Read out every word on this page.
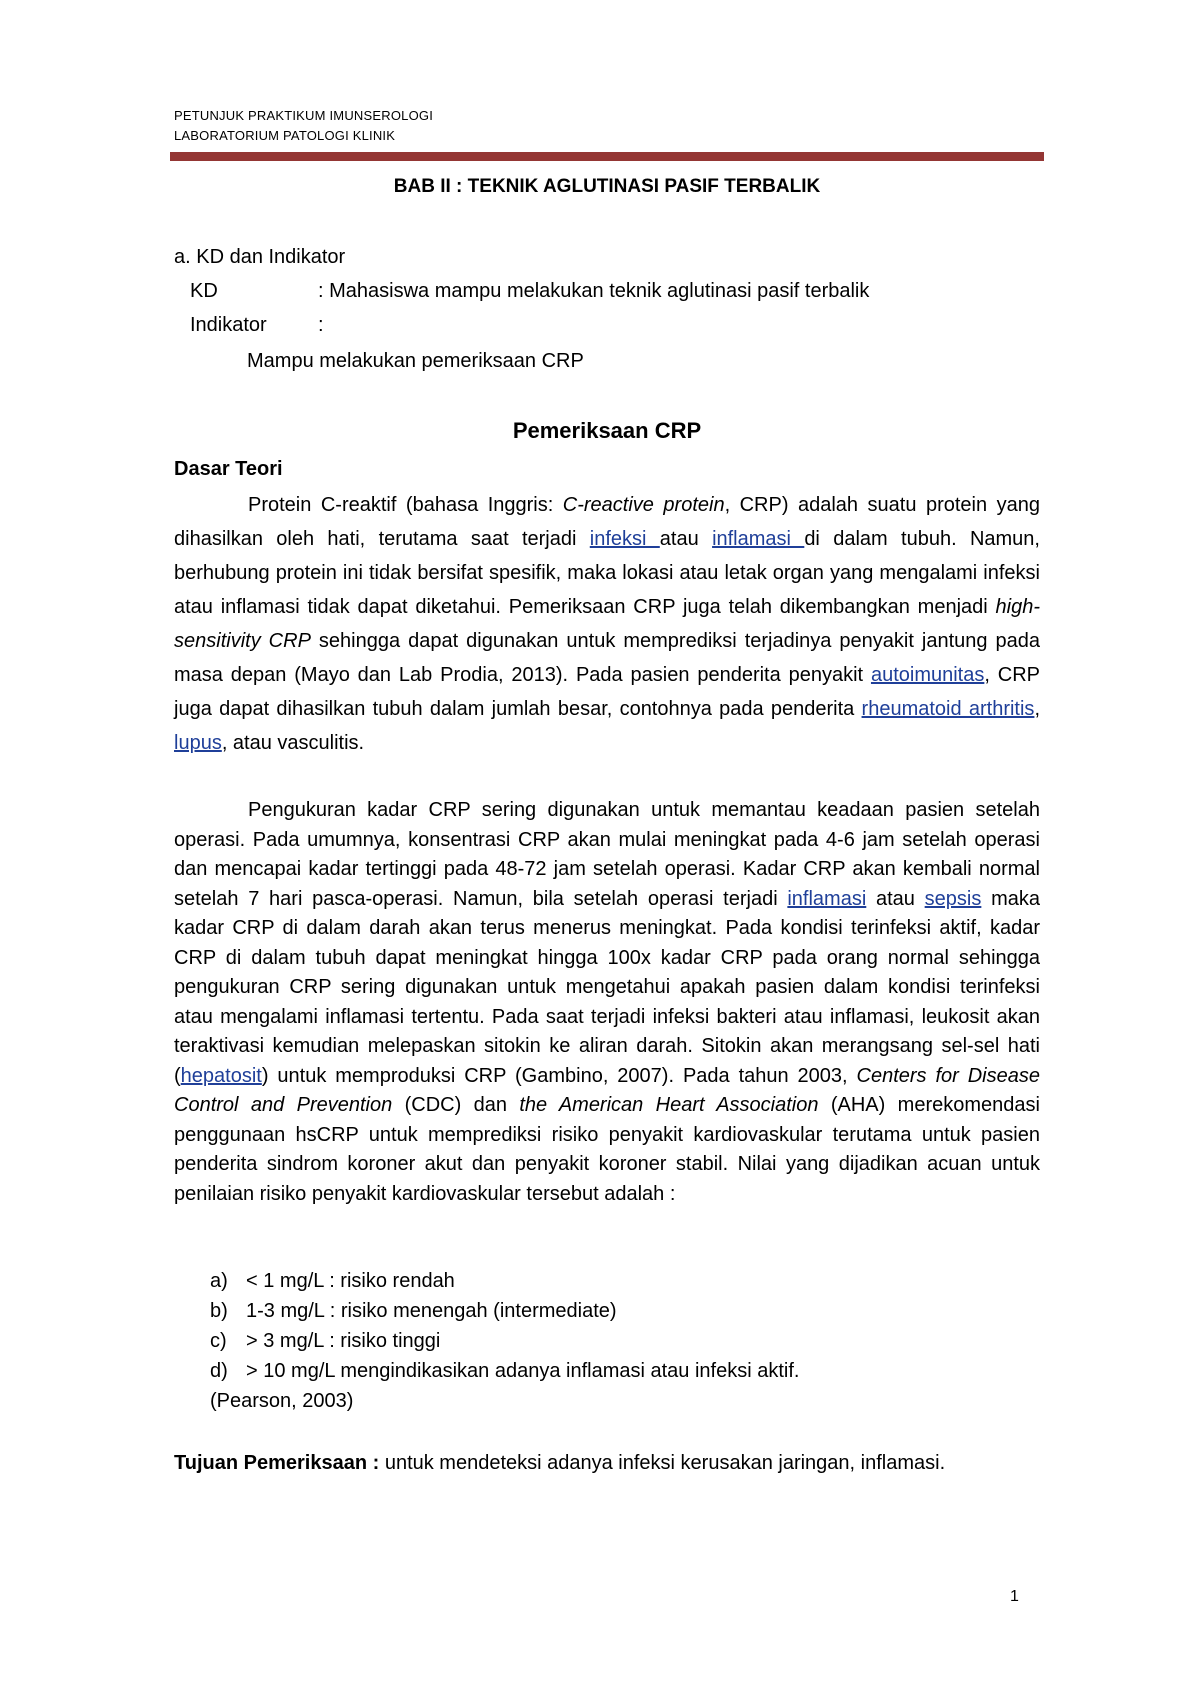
PETUNJUK PRAKTIKUM IMUNSEROLOGI
LABORATORIUM PATOLOGI KLINIK
BAB II : TEKNIK AGLUTINASI PASIF TERBALIK
a. KD dan Indikator
KD	: Mahasiswa mampu melakukan teknik aglutinasi pasif terbalik
Indikator	:
Mampu melakukan pemeriksaan CRP
Pemeriksaan CRP
Dasar Teori
Protein C-reaktif (bahasa Inggris: C-reactive protein, CRP) adalah suatu protein yang dihasilkan oleh hati, terutama saat terjadi infeksi atau inflamasi di dalam tubuh. Namun, berhubung protein ini tidak bersifat spesifik, maka lokasi atau letak organ yang mengalami infeksi atau inflamasi tidak dapat diketahui. Pemeriksaan CRP juga telah dikembangkan menjadi high-sensitivity CRP sehingga dapat digunakan untuk memprediksi terjadinya penyakit jantung pada masa depan (Mayo dan Lab Prodia, 2013). Pada pasien penderita penyakit autoimunitas, CRP juga dapat dihasilkan tubuh dalam jumlah besar, contohnya pada penderita rheumatoid arthritis, lupus, atau vasculitis.
Pengukuran kadar CRP sering digunakan untuk memantau keadaan pasien setelah operasi. Pada umumnya, konsentrasi CRP akan mulai meningkat pada 4-6 jam setelah operasi dan mencapai kadar tertinggi pada 48-72 jam setelah operasi. Kadar CRP akan kembali normal setelah 7 hari pasca-operasi. Namun, bila setelah operasi terjadi inflamasi atau sepsis maka kadar CRP di dalam darah akan terus menerus meningkat. Pada kondisi terinfeksi aktif, kadar CRP di dalam tubuh dapat meningkat hingga 100x kadar CRP pada orang normal sehingga pengukuran CRP sering digunakan untuk mengetahui apakah pasien dalam kondisi terinfeksi atau mengalami inflamasi tertentu. Pada saat terjadi infeksi bakteri atau inflamasi, leukosit akan teraktivasi kemudian melepaskan sitokin ke aliran darah. Sitokin akan merangsang sel-sel hati (hepatosit) untuk memproduksi CRP (Gambino, 2007). Pada tahun 2003, Centers for Disease Control and Prevention (CDC) dan the American Heart Association (AHA) merekomendasi penggunaan hsCRP untuk memprediksi risiko penyakit kardiovaskular terutama untuk pasien penderita sindrom koroner akut dan penyakit koroner stabil. Nilai yang dijadikan acuan untuk penilaian risiko penyakit kardiovaskular tersebut adalah :
a) < 1 mg/L : risiko rendah
b) 1-3 mg/L : risiko menengah (intermediate)
c) > 3 mg/L : risiko tinggi
d) > 10 mg/L mengindikasikan adanya inflamasi atau infeksi aktif.
(Pearson, 2003)
Tujuan Pemeriksaan : untuk mendeteksi adanya infeksi kerusakan jaringan, inflamasi.
1
